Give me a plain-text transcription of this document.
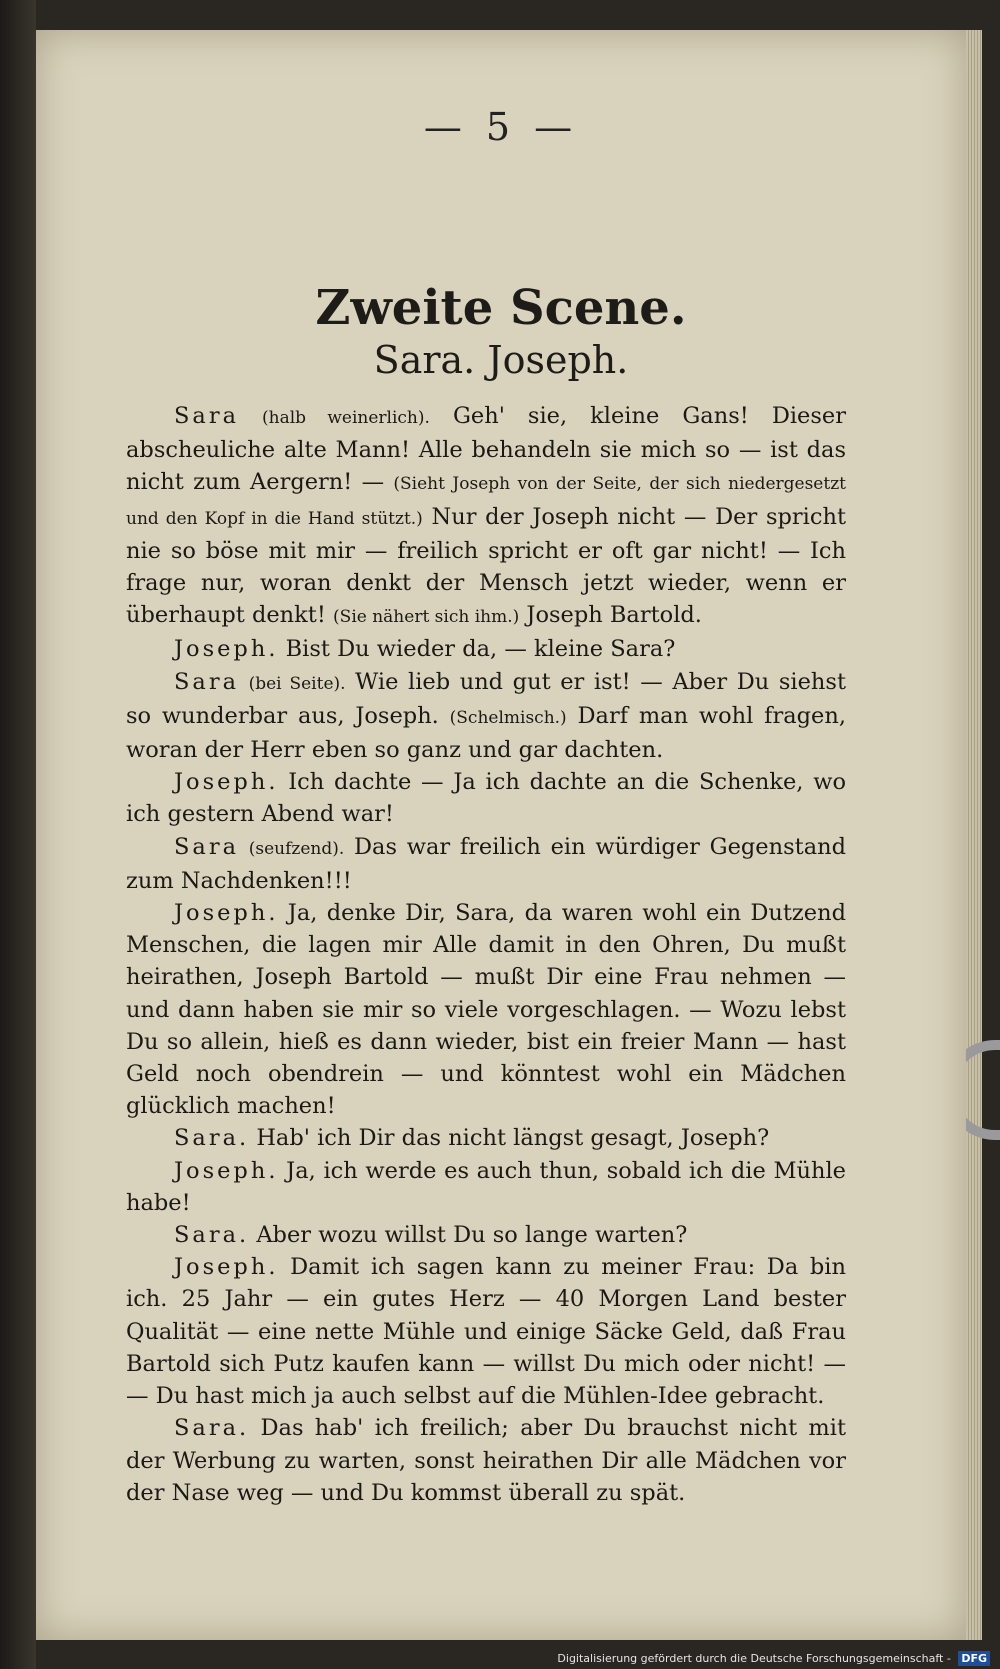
— 5 —
Zweite Scene.
Sara. Joseph.

Sara (halb weinerlich). Geh' sie, kleine Gans! Dieser abscheuliche alte Mann! Alle behandeln sie mich so — ist das nicht zum Aergern! — (Sieht Joseph von der Seite, der sich niedergesetzt und den Kopf in die Hand stützt.) Nur der Joseph nicht — Der spricht nie so böse mit mir — freilich spricht er oft gar nicht! — Ich frage nur, woran denkt der Mensch jetzt wieder, wenn er überhaupt denkt! (Sie nähert sich ihm.) Joseph Bartold.

Joseph. Bist Du wieder da, — kleine Sara?

Sara (bei Seite). Wie lieb und gut er ist! — Aber Du siehst so wunderbar aus, Joseph. (Schelmisch.) Darf man wohl fragen, woran der Herr eben so ganz und gar dachten.

Joseph. Ich dachte — Ja ich dachte an die Schenke, wo ich gestern Abend war!

Sara (seufzend). Das war freilich ein würdiger Gegenstand zum Nachdenken!!!

Joseph. Ja, denke Dir, Sara, da waren wohl ein Dutzend Menschen, die lagen mir Alle damit in den Ohren, Du mußt heirathen, Joseph Bartold — mußt Dir eine Frau nehmen — und dann haben sie mir so viele vorgeschlagen. — Wozu lebst Du so allein, hieß es dann wieder, bist ein freier Mann — hast Geld noch obendrein — und könntest wohl ein Mädchen glücklich machen!

Sara. Hab' ich Dir das nicht längst gesagt, Joseph?

Joseph. Ja, ich werde es auch thun, sobald ich die Mühle habe!

Sara. Aber wozu willst Du so lange warten?

Joseph. Damit ich sagen kann zu meiner Frau: Da bin ich. 25 Jahr — ein gutes Herz — 40 Morgen Land bester Qualität — eine nette Mühle und einige Säcke Geld, daß Frau Bartold sich Putz kaufen kann — willst Du mich oder nicht! — — Du hast mich ja auch selbst auf die Mühlen-Idee gebracht.

Sara. Das hab' ich freilich; aber Du brauchst nicht mit der Werbung zu warten, sonst heirathen Dir alle Mädchen vor der Nase weg — und Du kommst überall zu spät.

Digitalisierung gefördert durch die Deutsche Forschungsgemeinschaft - DFG
